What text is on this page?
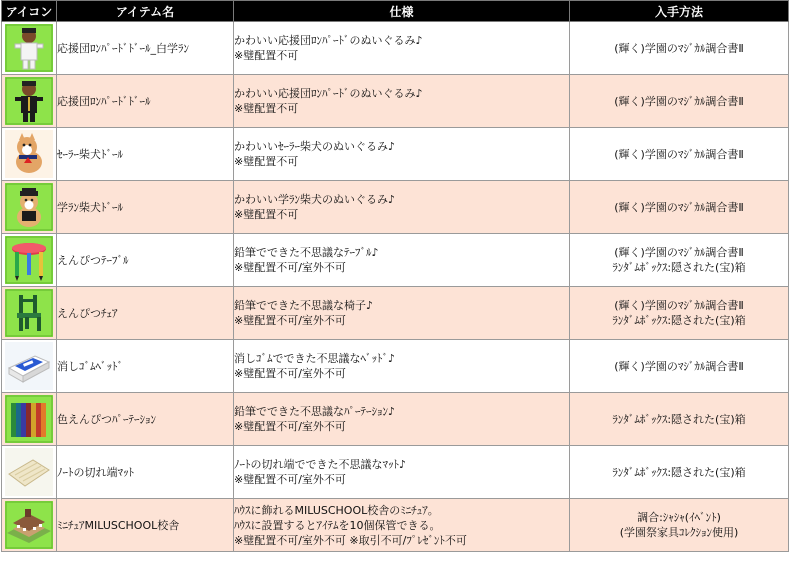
アイコン	アイテム名	仕様	入手方法

	応援団ﾛﾝﾊﾟｰﾄﾞﾄﾞｰﾙ_白学ﾗﾝ	かわいい応援団ﾛﾝﾊﾟｰﾄﾞのぬいぐるみ♪
※璧配置不可	(輝く)学園のﾏｼﾞｶﾙ調合書Ⅱ

	応援団ﾛﾝﾊﾟｰﾄﾞﾄﾞｰﾙ	かわいい応援団ﾛﾝﾊﾟｰﾄﾞのぬいぐるみ♪
※璧配置不可	(輝く)学園のﾏｼﾞｶﾙ調合書Ⅱ

	ｾｰﾗｰ柴犬ﾄﾞｰﾙ	かわいいｾｰﾗｰ柴犬のぬいぐるみ♪
※璧配置不可	(輝く)学園のﾏｼﾞｶﾙ調合書Ⅱ

	学ﾗﾝ柴犬ﾄﾞｰﾙ	かわいい学ﾗﾝ柴犬のぬいぐるみ♪
※璧配置不可	(輝く)学園のﾏｼﾞｶﾙ調合書Ⅱ

	えんぴつﾃｰﾌﾞﾙ	鉛筆でできた不思議なﾃｰﾌﾞﾙ♪
※璧配置不可/室外不可	(輝く)学園のﾏｼﾞｶﾙ調合書Ⅱ
ﾗﾝﾀﾞﾑﾎﾞｯｸｽ:隠された(宝)箱

	えんぴつﾁｪｱ	鉛筆でできた不思議な椅子♪
※璧配置不可/室外不可	(輝く)学園のﾏｼﾞｶﾙ調合書Ⅱ
ﾗﾝﾀﾞﾑﾎﾞｯｸｽ:隠された(宝)箱

	消しｺﾞﾑﾍﾞｯﾄﾞ	消しｺﾞﾑでできた不思議なﾍﾞｯﾄﾞ♪
※璧配置不可/室外不可	(輝く)学園のﾏｼﾞｶﾙ調合書Ⅱ

	色えんぴつﾊﾟｰﾃｰｼｮﾝ	鉛筆でできた不思議なﾊﾟｰﾃｰｼｮﾝ♪
※璧配置不可/室外不可	ﾗﾝﾀﾞﾑﾎﾞｯｸｽ:隠された(宝)箱

	ﾉｰﾄの切れ端ﾏｯﾄ	ﾉｰﾄの切れ端でできた不思議なﾏｯﾄ♪
※璧配置不可/室外不可	ﾗﾝﾀﾞﾑﾎﾞｯｸｽ:隠された(宝)箱

	ﾐﾆﾁｭｱMILUSCHOOL校舎	ﾊｳｽに飾れるMILUSCHOOL校舎のﾐﾆﾁｭｱ。
ﾊｳｽに設置するとｱｲﾃﾑを10個保管できる。
※璧配置不可/室外不可 ※取引不可/ﾌﾟﾚｾﾞﾝﾄ不可	調合:ｼｬｼｬ(ｲﾍﾞﾝﾄ)
(学園祭家具ｺﾚｸｼｮﾝ使用)
